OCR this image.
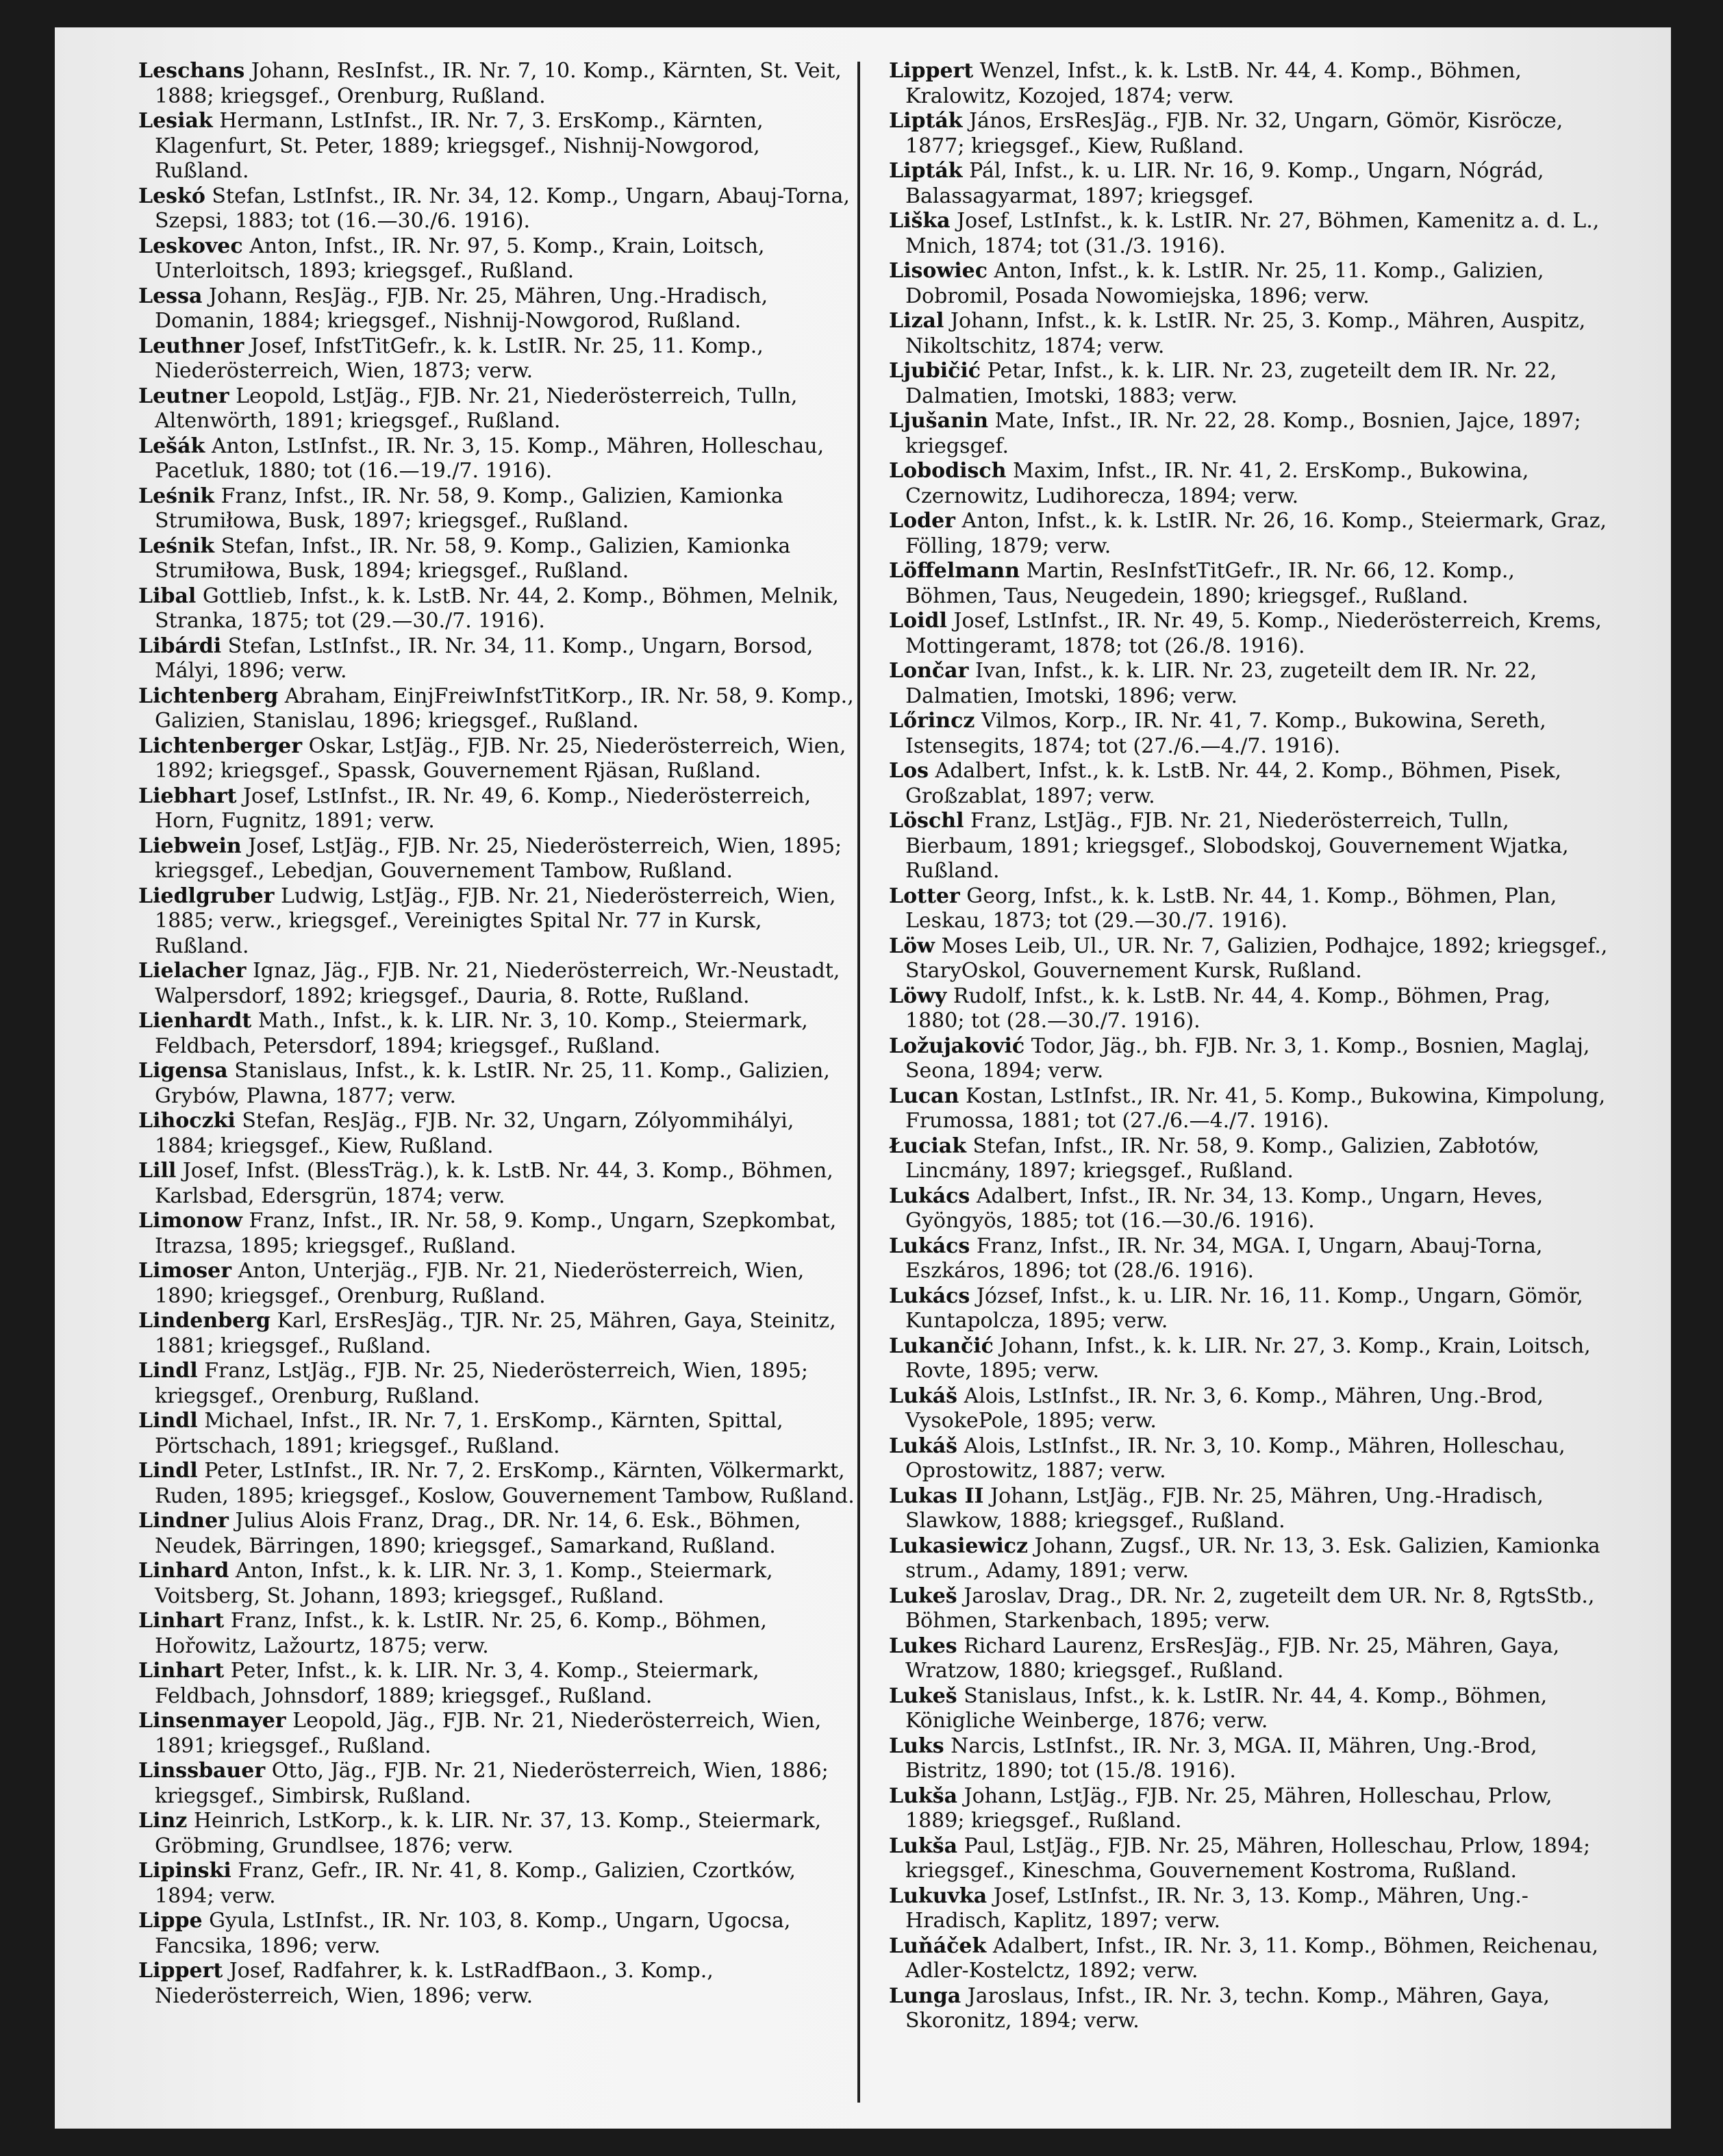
Leschans Johann, ResInfst., IR. Nr. 7, 10. Komp., Kärnten, St. Veit, 1888; kriegsgef., Orenburg, Rußland.

Lesiak Hermann, LstInfst., IR. Nr. 7, 3. ErsKomp., Kärnten, Klagenfurt, St. Peter, 1889; kriegsgef., Nishnij-Nowgorod, Rußland.

Leskó Stefan, LstInfst., IR. Nr. 34, 12. Komp., Ungarn, Abauj-Torna, Szepsi, 1883; tot (16.—30./6. 1916).

Leskovec Anton, Infst., IR. Nr. 97, 5. Komp., Krain, Loitsch, Unterloitsch, 1893; kriegsgef., Rußland.

Lessa Johann, ResJäg., FJB. Nr. 25, Mähren, Ung.-Hradisch, Domanin, 1884; kriegsgef., Nishnij-Nowgorod, Rußland.

Leuthner Josef, InfstTitGefr., k. k. LstIR. Nr. 25, 11. Komp., Niederösterreich, Wien, 1873; verw.

Leutner Leopold, LstJäg., FJB. Nr. 21, Niederösterreich, Tulln, Altenwörth, 1891; kriegsgef., Rußland.

Lešák Anton, LstInfst., IR. Nr. 3, 15. Komp., Mähren, Holleschau, Pacetluk, 1880; tot (16.—19./7. 1916).

Leśnik Franz, Infst., IR. Nr. 58, 9. Komp., Galizien, Kamionka Strumiłowa, Busk, 1897; kriegsgef., Rußland.

Leśnik Stefan, Infst., IR. Nr. 58, 9. Komp., Galizien, Kamionka Strumiłowa, Busk, 1894; kriegsgef., Rußland.

Libal Gottlieb, Infst., k. k. LstB. Nr. 44, 2. Komp., Böhmen, Melnik, Stranka, 1875; tot (29.—30./7. 1916).

Libárdi Stefan, LstInfst., IR. Nr. 34, 11. Komp., Ungarn, Borsod, Mályi, 1896; verw.

Lichtenberg Abraham, EinjFreiwInfstTitKorp., IR. Nr. 58, 9. Komp., Galizien, Stanislau, 1896; kriegsgef., Rußland.

Lichtenberger Oskar, LstJäg., FJB. Nr. 25, Niederösterreich, Wien, 1892; kriegsgef., Spassk, Gouvernement Rjäsan, Rußland.

Liebhart Josef, LstInfst., IR. Nr. 49, 6. Komp., Niederösterreich, Horn, Fugnitz, 1891; verw.

Liebwein Josef, LstJäg., FJB. Nr. 25, Niederösterreich, Wien, 1895; kriegsgef., Lebedjan, Gouvernement Tambow, Rußland.

Liedlgruber Ludwig, LstJäg., FJB. Nr. 21, Niederösterreich, Wien, 1885; verw., kriegsgef., Vereinigtes Spital Nr. 77 in Kursk, Rußland.

Lielacher Ignaz, Jäg., FJB. Nr. 21, Niederösterreich, Wr.-Neustadt, Walpersdorf, 1892; kriegsgef., Dauria, 8. Rotte, Rußland.

Lienhardt Math., Infst., k. k. LIR. Nr. 3, 10. Komp., Steiermark, Feldbach, Petersdorf, 1894; kriegsgef., Rußland.

Ligensa Stanislaus, Infst., k. k. LstIR. Nr. 25, 11. Komp., Galizien, Grybów, Plawna, 1877; verw.

Lihoczki Stefan, ResJäg., FJB. Nr. 32, Ungarn, Zólyommihályi, 1884; kriegsgef., Kiew, Rußland.

Lill Josef, Infst. (BlessTräg.), k. k. LstB. Nr. 44, 3. Komp., Böhmen, Karlsbad, Edersgrün, 1874; verw.

Limonow Franz, Infst., IR. Nr. 58, 9. Komp., Ungarn, Szepkombat, Itrazsa, 1895; kriegsgef., Rußland.

Limoser Anton, Unterjäg., FJB. Nr. 21, Niederösterreich, Wien, 1890; kriegsgef., Orenburg, Rußland.

Lindenberg Karl, ErsResJäg., TJR. Nr. 25, Mähren, Gaya, Steinitz, 1881; kriegsgef., Rußland.

Lindl Franz, LstJäg., FJB. Nr. 25, Niederösterreich, Wien, 1895; kriegsgef., Orenburg, Rußland.

Lindl Michael, Infst., IR. Nr. 7, 1. ErsKomp., Kärnten, Spittal, Pörtschach, 1891; kriegsgef., Rußland.

Lindl Peter, LstInfst., IR. Nr. 7, 2. ErsKomp., Kärnten, Völkermarkt, Ruden, 1895; kriegsgef., Koslow, Gouvernement Tambow, Rußland.

Lindner Julius Alois Franz, Drag., DR. Nr. 14, 6. Esk., Böhmen, Neudek, Bärringen, 1890; kriegsgef., Samarkand, Rußland.

Linhard Anton, Infst., k. k. LIR. Nr. 3, 1. Komp., Steiermark, Voitsberg, St. Johann, 1893; kriegsgef., Rußland.

Linhart Franz, Infst., k. k. LstIR. Nr. 25, 6. Komp., Böhmen, Hořowitz, Lažourtz, 1875; verw.

Linhart Peter, Infst., k. k. LIR. Nr. 3, 4. Komp., Steiermark, Feldbach, Johnsdorf, 1889; kriegsgef., Rußland.

Linsenmayer Leopold, Jäg., FJB. Nr. 21, Niederösterreich, Wien, 1891; kriegsgef., Rußland.

Linssbauer Otto, Jäg., FJB. Nr. 21, Niederösterreich, Wien, 1886; kriegsgef., Simbirsk, Rußland.

Linz Heinrich, LstKorp., k. k. LIR. Nr. 37, 13. Komp., Steiermark, Gröbming, Grundlsee, 1876; verw.

Lipinski Franz, Gefr., IR. Nr. 41, 8. Komp., Galizien, Czortków, 1894; verw.

Lippe Gyula, LstInfst., IR. Nr. 103, 8. Komp., Ungarn, Ugocsa, Fancsika, 1896; verw.

Lippert Josef, Radfahrer, k. k. LstRadfBaon., 3. Komp., Niederösterreich, Wien, 1896; verw.

Lippert Wenzel, Infst., k. k. LstB. Nr. 44, 4. Komp., Böhmen, Kralowitz, Kozojed, 1874; verw.

Lipták János, ErsResJäg., FJB. Nr. 32, Ungarn, Gömör, Kisröcze, 1877; kriegsgef., Kiew, Rußland.

Lipták Pál, Infst., k. u. LIR. Nr. 16, 9. Komp., Ungarn, Nógrád, Balassagyarmat, 1897; kriegsgef.

Liška Josef, LstInfst., k. k. LstIR. Nr. 27, Böhmen, Kamenitz a. d. L., Mnich, 1874; tot (31./3. 1916).

Lisowiec Anton, Infst., k. k. LstIR. Nr. 25, 11. Komp., Galizien, Dobromil, Posada Nowomiejska, 1896; verw.

Lizal Johann, Infst., k. k. LstIR. Nr. 25, 3. Komp., Mähren, Auspitz, Nikoltschitz, 1874; verw.

Ljubičić Petar, Infst., k. k. LIR. Nr. 23, zugeteilt dem IR. Nr. 22, Dalmatien, Imotski, 1883; verw.

Ljušanin Mate, Infst., IR. Nr. 22, 28. Komp., Bosnien, Jajce, 1897; kriegsgef.

Lobodisch Maxim, Infst., IR. Nr. 41, 2. ErsKomp., Bukowina, Czernowitz, Ludihorecza, 1894; verw.

Loder Anton, Infst., k. k. LstIR. Nr. 26, 16. Komp., Steiermark, Graz, Fölling, 1879; verw.

Löffelmann Martin, ResInfstTitGefr., IR. Nr. 66, 12. Komp., Böhmen, Taus, Neugedein, 1890; kriegsgef., Rußland.

Loidl Josef, LstInfst., IR. Nr. 49, 5. Komp., Niederösterreich, Krems, Mottingeramt, 1878; tot (26./8. 1916).

Lončar Ivan, Infst., k. k. LIR. Nr. 23, zugeteilt dem IR. Nr. 22, Dalmatien, Imotski, 1896; verw.

Lőrincz Vilmos, Korp., IR. Nr. 41, 7. Komp., Bukowina, Sereth, Istensegits, 1874; tot (27./6.—4./7. 1916).

Los Adalbert, Infst., k. k. LstB. Nr. 44, 2. Komp., Böhmen, Pisek, Großzablat, 1897; verw.

Löschl Franz, LstJäg., FJB. Nr. 21, Niederösterreich, Tulln, Bierbaum, 1891; kriegsgef., Slobodskoj, Gouvernement Wjatka, Rußland.

Lotter Georg, Infst., k. k. LstB. Nr. 44, 1. Komp., Böhmen, Plan, Leskau, 1873; tot (29.—30./7. 1916).

Löw Moses Leib, Ul., UR. Nr. 7, Galizien, Podhajce, 1892; kriegsgef., StaryOskol, Gouvernement Kursk, Rußland.

Löwy Rudolf, Infst., k. k. LstB. Nr. 44, 4. Komp., Böhmen, Prag, 1880; tot (28.—30./7. 1916).

Ložujaković Todor, Jäg., bh. FJB. Nr. 3, 1. Komp., Bosnien, Maglaj, Seona, 1894; verw.

Lucan Kostan, LstInfst., IR. Nr. 41, 5. Komp., Bukowina, Kimpolung, Frumossa, 1881; tot (27./6.—4./7. 1916).

Łuciak Stefan, Infst., IR. Nr. 58, 9. Komp., Galizien, Zabłotów, Lincmány, 1897; kriegsgef., Rußland.

Lukács Adalbert, Infst., IR. Nr. 34, 13. Komp., Ungarn, Heves, Gyöngyös, 1885; tot (16.—30./6. 1916).

Lukács Franz, Infst., IR. Nr. 34, MGA. I, Ungarn, Abauj-Torna, Eszkáros, 1896; tot (28./6. 1916).

Lukács József, Infst., k. u. LIR. Nr. 16, 11. Komp., Ungarn, Gömör, Kuntapolcza, 1895; verw.

Lukančić Johann, Infst., k. k. LIR. Nr. 27, 3. Komp., Krain, Loitsch, Rovte, 1895; verw.

Lukáš Alois, LstInfst., IR. Nr. 3, 6. Komp., Mähren, Ung.-Brod, VysokePole, 1895; verw.

Lukáš Alois, LstInfst., IR. Nr. 3, 10. Komp., Mähren, Holleschau, Oprostowitz, 1887; verw.

Lukas II Johann, LstJäg., FJB. Nr. 25, Mähren, Ung.-Hradisch, Slawkow, 1888; kriegsgef., Rußland.

Lukasiewicz Johann, Zugsf., UR. Nr. 13, 3. Esk. Galizien, Kamionka strum., Adamy, 1891; verw.

Lukeš Jaroslav, Drag., DR. Nr. 2, zugeteilt dem UR. Nr. 8, RgtsStb., Böhmen, Starkenbach, 1895; verw.

Lukes Richard Laurenz, ErsResJäg., FJB. Nr. 25, Mähren, Gaya, Wratzow, 1880; kriegsgef., Rußland.

Lukeš Stanislaus, Infst., k. k. LstIR. Nr. 44, 4. Komp., Böhmen, Königliche Weinberge, 1876; verw.

Luks Narcis, LstInfst., IR. Nr. 3, MGA. II, Mähren, Ung.-Brod, Bistritz, 1890; tot (15./8. 1916).

Lukša Johann, LstJäg., FJB. Nr. 25, Mähren, Holleschau, Prlow, 1889; kriegsgef., Rußland.

Lukša Paul, LstJäg., FJB. Nr. 25, Mähren, Holleschau, Prlow, 1894; kriegsgef., Kineschma, Gouvernement Kostroma, Rußland.

Lukuvka Josef, LstInfst., IR. Nr. 3, 13. Komp., Mähren, Ung.-Hradisch, Kaplitz, 1897; verw.

Luňáček Adalbert, Infst., IR. Nr. 3, 11. Komp., Böhmen, Reichenau, Adler-Kostelctz, 1892; verw.

Lunga Jaroslaus, Infst., IR. Nr. 3, techn. Komp., Mähren, Gaya, Skoronitz, 1894; verw.
